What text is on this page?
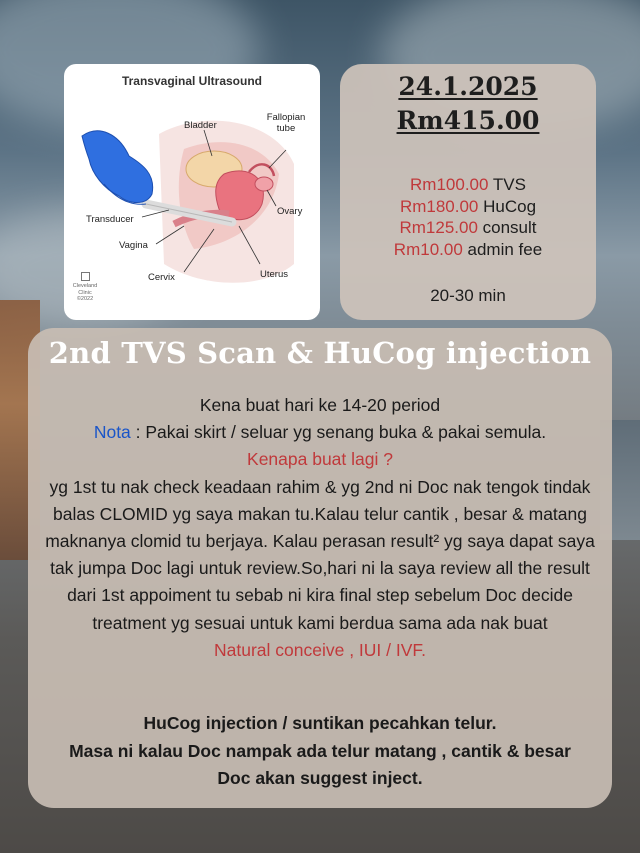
Transvaginal Ultrasound
Bladder
Fallopian tube
Ovary
Transducer
Vagina
Cervix	Uterus
Cleveland
Clinic
©2022
24.1.2025
Rm415.00
Rm100.00 TVS
Rm180.00 HuCog
Rm125.00 consult
Rm10.00 admin fee
20-30 min
2nd TVS Scan & HuCog injection
Kena buat hari ke 14-20 period
Nota : Pakai skirt / seluar yg senang buka & pakai semula.
Kenapa buat lagi ?
yg 1st tu nak check keadaan rahim & yg 2nd ni Doc nak tengok tindak balas CLOMID yg saya makan tu.Kalau telur cantik , besar & matang maknanya clomid tu berjaya. Kalau perasan result² yg saya dapat saya tak jumpa Doc lagi untuk review.So,hari ni la saya review all the result dari 1st appoiment tu sebab ni kira final step sebelum Doc decide treatment yg sesuai untuk kami berdua sama ada nak buat
Natural conceive , IUI / IVF.
HuCog injection / suntikan pecahkan telur.
Masa ni kalau Doc nampak ada telur matang , cantik & besar
Doc akan suggest inject.
